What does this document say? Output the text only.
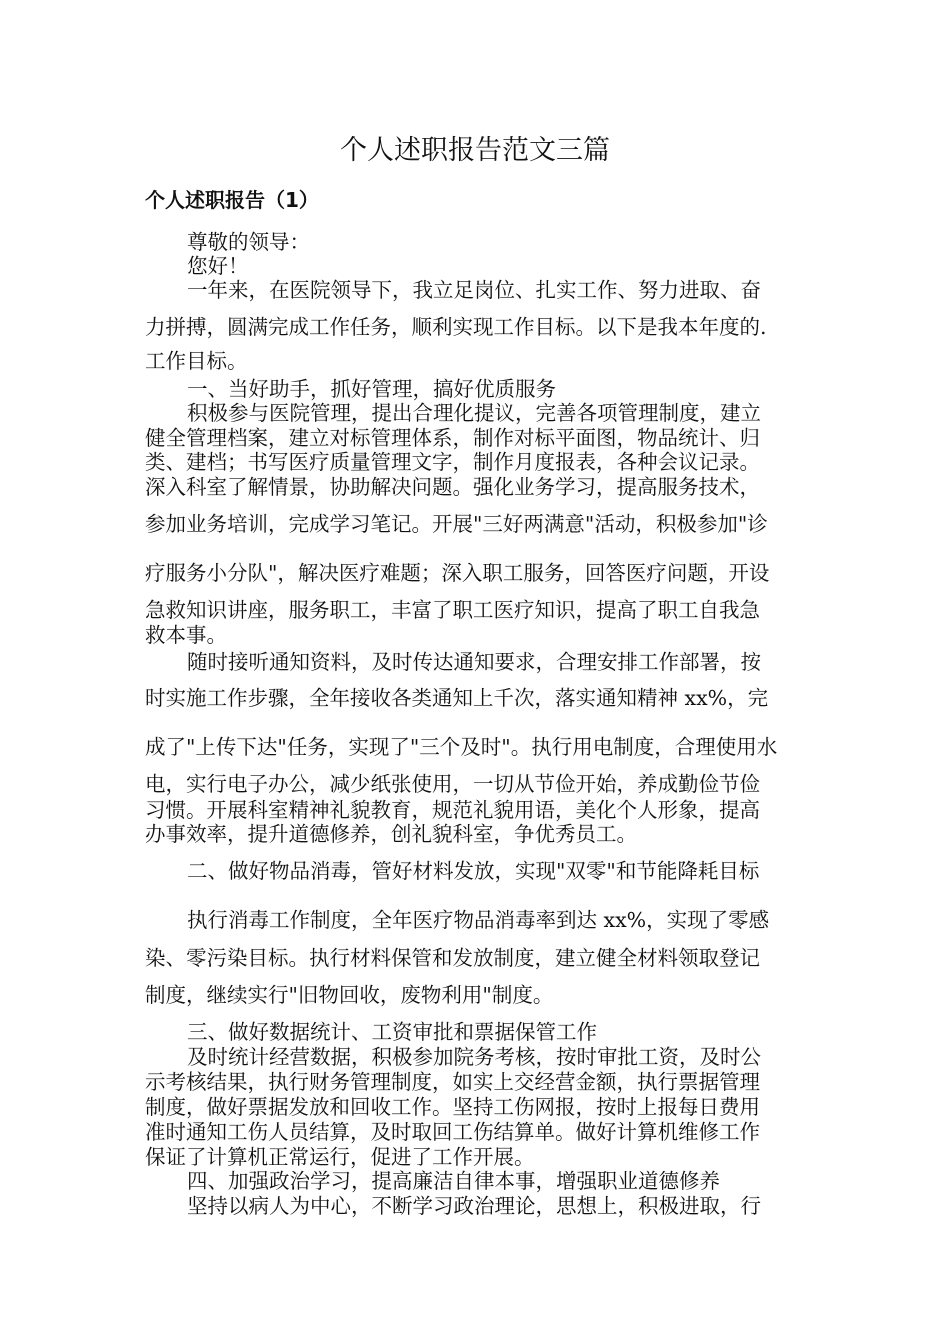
个人述职报告范文三篇
个人述职报告（1）
尊敬的领导：
您好！
一年来，在医院领导下，我立足岗位、扎实工作、努力进取、奋
力拼搏，圆满完成工作任务，顺利实现工作目标。以下是我本年度的.
工作目标。
一、当好助手，抓好管理，搞好优质服务
积极参与医院管理，提出合理化提议，完善各项管理制度，建立
健全管理档案，建立对标管理体系，制作对标平面图，物品统计、归
类、建档；书写医疗质量管理文字，制作月度报表，各种会议记录。
深入科室了解情景，协助解决问题。强化业务学习，提高服务技术，
参加业务培训，完成学习笔记。开展"三好两满意"活动，积极参加"诊
疗服务小分队"，解决医疗难题；深入职工服务，回答医疗问题，开设
急救知识讲座，服务职工，丰富了职工医疗知识，提高了职工自我急
救本事。
随时接听通知资料，及时传达通知要求，合理安排工作部署，按
时实施工作步骤，全年接收各类通知上千次，落实通知精神 xx%，完
成了"上传下达"任务，实现了"三个及时"。执行用电制度，合理使用水
电，实行电子办公，减少纸张使用，一切从节俭开始，养成勤俭节俭
习惯。开展科室精神礼貌教育，规范礼貌用语，美化个人形象，提高
办事效率，提升道德修养，创礼貌科室，争优秀员工。
二、做好物品消毒，管好材料发放，实现"双零"和节能降耗目标
执行消毒工作制度，全年医疗物品消毒率到达 xx%，实现了零感
染、零污染目标。执行材料保管和发放制度，建立健全材料领取登记
制度，继续实行"旧物回收，废物利用"制度。
三、做好数据统计、工资审批和票据保管工作
及时统计经营数据，积极参加院务考核，按时审批工资，及时公
示考核结果，执行财务管理制度，如实上交经营金额，执行票据管理
制度，做好票据发放和回收工作。坚持工伤网报，按时上报每日费用
准时通知工伤人员结算，及时取回工伤结算单。做好计算机维修工作
保证了计算机正常运行，促进了工作开展。
四、加强政治学习，提高廉洁自律本事，增强职业道德修养
坚持以病人为中心，不断学习政治理论，思想上，积极进取，行
